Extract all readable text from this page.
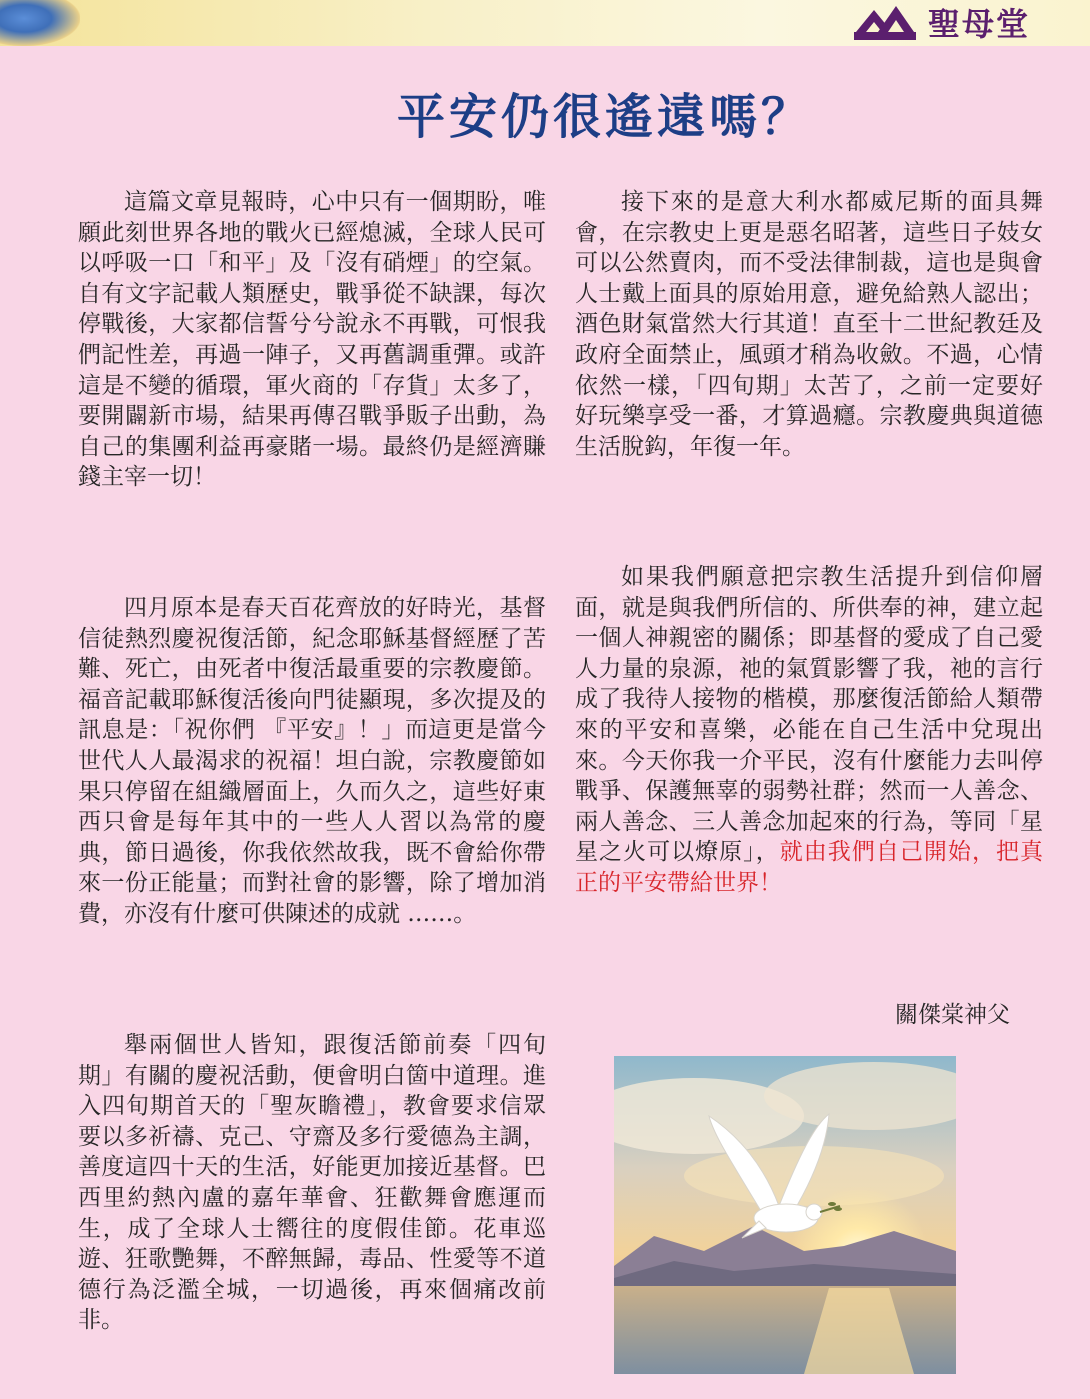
聖母堂
平安仍很遙遠嗎？

這篇文章見報時，心中只有一個期盼，唯願此刻世界各地的戰火已經熄滅，全球人民可以呼吸一口「和平」及「沒有硝煙」的空氣。自有文字記載人類歷史，戰爭從不缺課，每次停戰後，大家都信誓兮兮說永不再戰，可恨我們記性差，再過一陣子，又再舊調重彈。或許這是不變的循環，軍火商的「存貨」太多了，要開闢新市場，結果再傳召戰爭販子出動，為自己的集團利益再豪賭一場。最終仍是經濟賺錢主宰一切！

四月原本是春天百花齊放的好時光，基督信徒熱烈慶祝復活節，紀念耶穌基督經歷了苦難、死亡，由死者中復活最重要的宗教慶節。福音記載耶穌復活後向門徒顯現，多次提及的訊息是：「祝你們 『平安』！」而這更是當今世代人人最渴求的祝福！坦白說，宗教慶節如果只停留在組織層面上，久而久之，這些好東西只會是每年其中的一些人人習以為常的慶典，節日過後，你我依然故我，既不會給你帶來一份正能量；而對社會的影響，除了增加消費，亦沒有什麼可供陳述的成就 ……。

舉兩個世人皆知，跟復活節前奏「四旬期」有關的慶祝活動，便會明白箇中道理。進入四旬期首天的「聖灰瞻禮」，教會要求信眾要以多祈禱、克己、守齋及多行愛德為主調，善度這四十天的生活，好能更加接近基督。巴西里約熱內盧的嘉年華會、狂歡舞會應運而生，成了全球人士嚮往的度假佳節。花車巡遊、狂歌艷舞，不醉無歸，毒品、性愛等不道德行為泛濫全城，一切過後，再來個痛改前非。

接下來的是意大利水都威尼斯的面具舞會，在宗教史上更是惡名昭著，這些日子妓女可以公然賣肉，而不受法律制裁，這也是與會人士戴上面具的原始用意，避免給熟人認出；酒色財氣當然大行其道！直至十二世紀教廷及政府全面禁止，風頭才稍為收斂。不過，心情依然一樣，「四旬期」太苦了，之前一定要好好玩樂享受一番，才算過癮。宗教慶典與道德生活脫鈎，年復一年。

如果我們願意把宗教生活提升到信仰層面，就是與我們所信的、所供奉的神，建立起一個人神親密的關係；即基督的愛成了自己愛人力量的泉源，祂的氣質影響了我，祂的言行成了我待人接物的楷模，那麼復活節給人類帶來的平安和喜樂，必能在自己生活中兌現出來。今天你我一介平民，沒有什麼能力去叫停戰爭、保護無辜的弱勢社群；然而一人善念、兩人善念、三人善念加起來的行為，等同「星星之火可以燎原」，就由我們自己開始，把真正的平安帶給世界！

關傑棠神父
